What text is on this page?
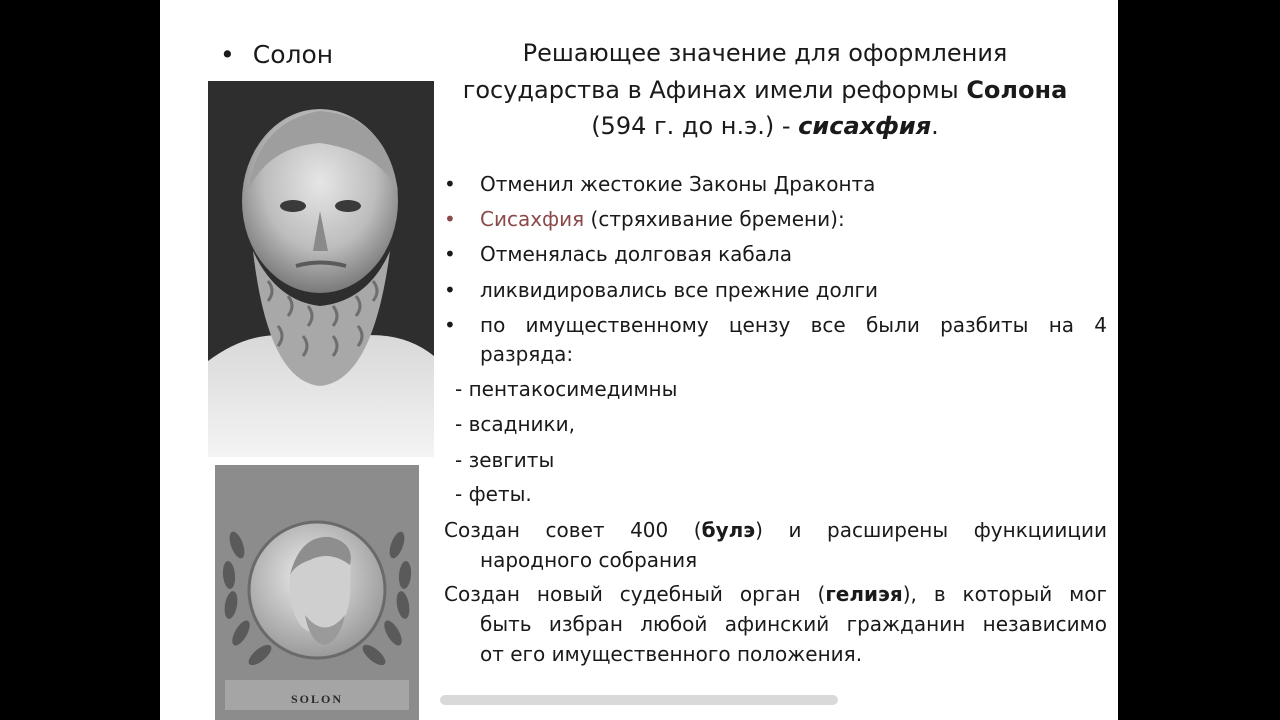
• Солон
SOLON
Решающее значение для оформления
государства в Афинах имели реформы Солона
(594 г. до н.э.) - сисахфия.
• Отменил жестокие Законы Драконта
• Сисахфия (стряхивание бремени):
• Отменялась долговая кабала
• ликвидировались все прежние долги
• по имущественному цензу все были разбиты на 4
разряда:
- пентакосимедимны
- всадники,
- зевгиты
- феты.
Создан совет 400 (булэ) и расширены функцииции
народного собрания
Создан новый судебный орган (гелиэя), в который мог
быть избран любой афинский гражданин независимо
от его имущественного положения.
